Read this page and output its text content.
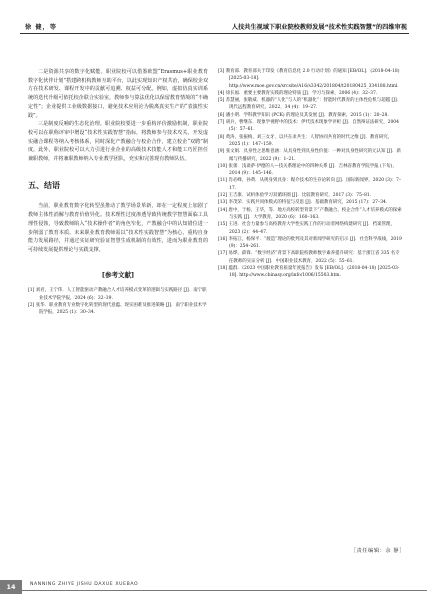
徐 健，等	人技共生视域下职业院校教师发展“技术性实践智慧”的四维审视

二是资源共享的数字化赋能。职业院校可以借鉴欧盟“Erasmus+职业教育数字化伙伴计划”搭建跨机构教师互助平台，以此实现知识产权共治，确保校企双方在技术研发、课程开发中的贡献可追溯、权益可分配。例如，虚拟仿真实训系统的迭代升级可依托校企联合实验室，教师参与算法优化以保留教育情境的“不确定性”；企业提供工业级数据接口，避免技术应用沦为脱离真实生产的“表演性实践”。

三是制度反哺的生态化治理。职业院校要进一步重构评价激励机制，职业院校可以在职称评审中增设“技术性实践智慧”指标，将教师参与技术攻关、开发虚实融合课程等纳入考核体系，同时深化产教融合与校企合作，建立校企“双聘”制度。此外，职业院校可以大力引进行业企业的高级技术技能人才和能工巧匠担任兼职教师，并将兼职教师纳入专业教学团队，充实和完善现有教师队伍。

五、结语

当前，职业教育数字化转型虽推动了教学场景革新，却在一定程度上加剧了教师主体性消解与教育价值异化。技术理性过度渗透导致传统教学智慧面临工具理性侵蚀，导致教师陷入“技术操作者”的角色窄化，产教融合中的认知错位进一步削弱了教育本质。未来职业教育教师需以“技术性实践智慧”为核心，重构自身能力发展路径，并通过实证研究验证智慧生成机制的有效性，进而为职业教育的可持续发展提供理论与实践支撑。

[参考文献]

[1] 刘君，王宁伟．人工智能驱动产教融合人才培养模式变革的逻辑与实践路径 [J]．南宁职业技术学院学报，2024 (6)：32–39.

[2] 张华．职业教育专业数字化转型的现代意蕴、现实困难及推进策略 [J]．南宁职业技术学院学报，2025 (1)：30–34.

[3] 教育部．教育部关于印发《教育信息化 2.0 行动计划》的通知 [EB/OL]．(2018-04-18) [2025-03-18]. http://www.moe.gov.cn/srcsite/A16/s3342/201804/t20180425_334188.html.

[4] 徐长福．重要主要教育实践的理论特质 [J]．学习与探索，2006 (4)：32–37.

[5] 苏慧丽，张敬威．机器的“人化”与人的“机器化”：智能时代教育的主体性危机与超越 [J]．现代远程教育研究，2022，34 (4)：19–27.

[6] 潘小明．学科教学知识 (PCK) 的理论及其发展 [J]．教育探索，2015 (1)：20–28.

[7] 胡兵，曹继东．现象学视野中的技术：伊代技术现象学评析 [J]．自然辩证法研究，2004 (5)：57–61.

[8] 黄涛，张振梅，刘三女牙，以共在求共生：人智协同共育的时代之维 [J]．教育研究，2025 (1)：147–159.

[9] 张文娟．具身性之思维意涵：从具身性到具身性价值：一种对具身性研究的元认知 [J]．新闻与传播研究，2022 (9)：1–21.

[10] 张蕾．浅谈萨·伊德的人—技关系理论中的四种关系 [J]．吉林省教育学院学报 (下旬)，2014 (9)：145–146.

[11] 肖必峰，孙黄．从规身到具身：媒介技术的生存论转向 [J]．国际新闻界，2020 (3)：7–17.

[12] 王吉康．试析体验学习双循环圈 [J]．比较教育研究，2017 (3)：75–81.

[13] 李茂荣．实践共同体模式的特征与反思 [J]．基础教育研究，2015 (17)：27–34.

[14] 唐中，于杨，王华，等．地方高校转型背景下“产教融合、校企合作”人才培养模式的探索与实践 [J]．大学教育，2020 (6)：160–163.

[15] 王进．社会力量参与高校教育大学性实践工作的行动者网络构建研究 [J]．档案管理，2023 (2)：44–47.

[16] 李拓江，杨保平．“渡造”理论的批判及其对新闻学研究的启示 [J]．社会科学战线，2019 (9)：254–261.

[17] 易烨，薛锋．“数字经济”背景下高职院校教师数字素养提升研究：基于浙江省 335 名专任教师的实证分析 [J]．中国职业技术教育，2022 (5)：55–61.

[18] 蕴群．《2023 中国职业教育质量年度报告》发布 [EB/OL]．(2018-04-18) [2025-03-18]. http://www.chinasy.org/info/1006/15503.htm.

［责任编辑：余 静］
14	NANNING ZHIYE JISHU DAXUE XUEBAO
